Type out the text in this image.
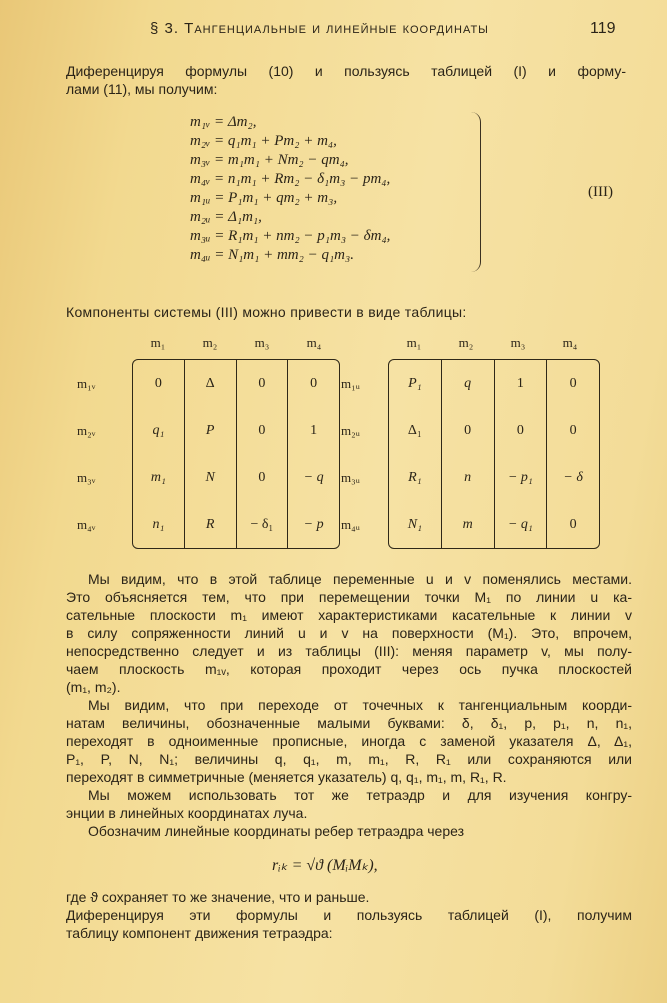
§ 3. Тангенциальные и линейные координаты	119
Диференцируя формулы (10) и пользуясь таблицей (I) и форму-
лами (11), мы получим:
m₁ᵥ = Δm₂,
m₂ᵥ = q₁m₁ + Pm₂ + m₄,
m₃ᵥ = m₁m₁ + Nm₂ − qm₄,
m₄ᵥ = n₁m₁ + Rm₂ − δ₁m₃ − pm₄,
m₁ᵤ = P₁m₁ + qm₂ + m₃,
m₂ᵤ = Δ₁m₁,
m₃ᵤ = R₁m₁ + nm₂ − p₁m₃ − δm₄,
m₄ᵤ = N₁m₁ + mm₂ − q₁m₃.
(III)
Компоненты системы (III) можно привести в виде таблицы:
m₁	m₂	m₃	m₄
m₁ᵥ	0	Δ	0	0
m₂ᵥ	q₁	P	0	1
m₃ᵥ	m₁	N	0	− q
m₄ᵥ	n₁	R	− δ₁	− p
m₁	m₂	m₃	m₄
m₁ᵤ	P₁	q	1	0
m₂ᵤ	Δ₁	0	0	0
m₃ᵤ	R₁	n	− p₁	− δ
m₄ᵤ	N₁	m	− q₁	0
Мы видим, что в этой таблице переменные u и v поменялись местами.
Это объясняется тем, что при перемещении точки M₁ по линии u ка-
сательные плоскости m₁ имеют характеристиками касательные к линии v
в силу сопряженности линий u и v на поверхности (M₁). Это, впрочем,
непосредственно следует и из таблицы (III): меняя параметр v, мы полу-
чаем плоскость m₁ᵥ, которая проходит через ось пучка плоскостей
(m₁, m₂).
Мы видим, что при переходе от точечных к тангенциальным коорди-
натам величины, обозначенные малыми буквами: δ, δ₁, p, p₁, n, n₁,
переходят в одноименные прописные, иногда с заменой указателя Δ, Δ₁,
P₁, P, N, N₁; величины q, q₁, m, m₁, R, R₁ или сохраняются или
переходят в симметричные (меняется указатель) q, q₁, m₁, m, R₁, R.
Мы можем использовать тот же тетраэдр и для изучения конгру-
энции в линейных координатах луча.
Обозначим линейные координаты ребер тетраэдра через
rᵢₖ = √ϑ (MᵢMₖ),
где ϑ сохраняет то же значение, что и раньше.
Диференцируя эти формулы и пользуясь таблицей (I), получим
таблицу компонент движения тетраэдра:
